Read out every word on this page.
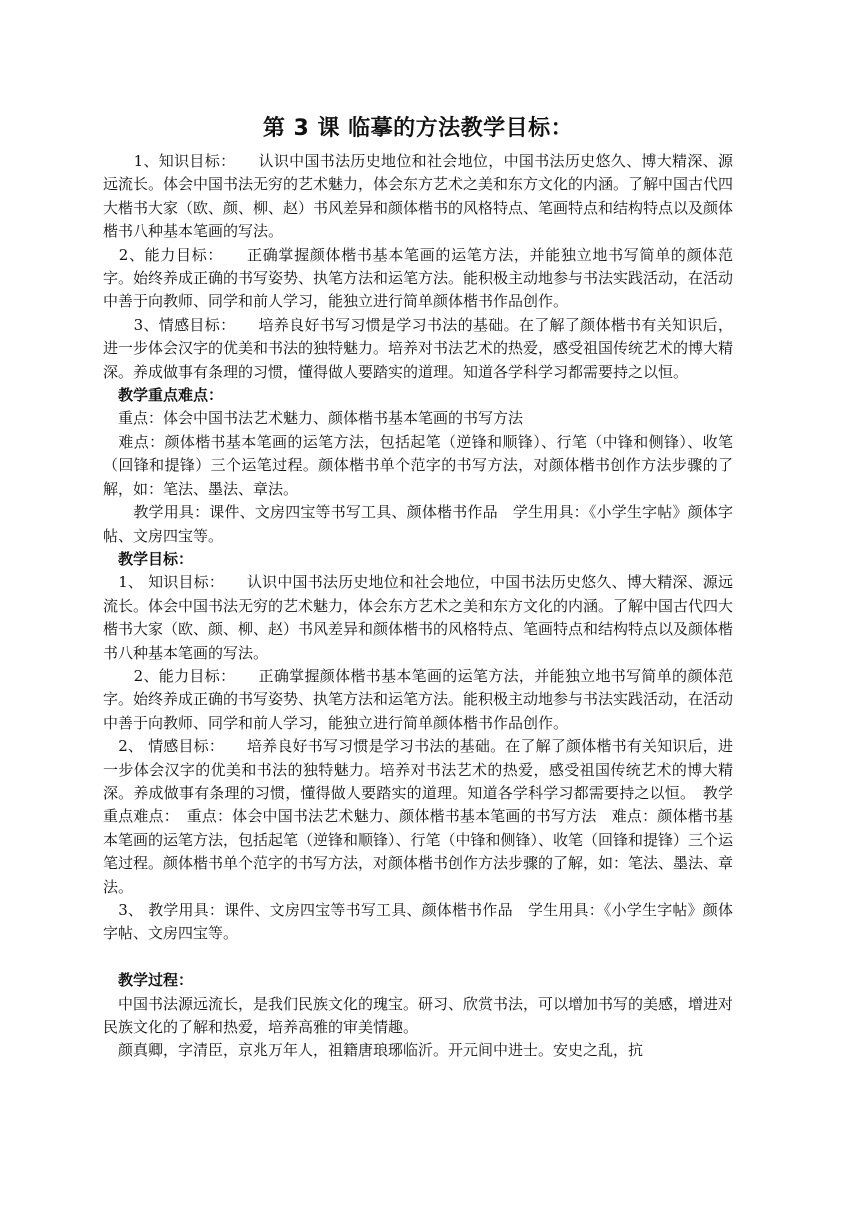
第 3 课 临摹的方法教学目标：

　　1、知识目标：　　认识中国书法历史地位和社会地位，中国书法历史悠久、博大精深、源远流长。体会中国书法无穷的艺术魅力，体会东方艺术之美和东方文化的内涵。了解中国古代四大楷书大家（欧、颜、柳、赵）书风差异和颜体楷书的风格特点、笔画特点和结构特点以及颜体楷书八种基本笔画的写法。

　2、能力目标：　　正确掌握颜体楷书基本笔画的运笔方法，并能独立地书写简单的颜体范字。始终养成正确的书写姿势、执笔方法和运笔方法。能积极主动地参与书法实践活动，在活动中善于向教师、同学和前人学习，能独立进行简单颜体楷书作品创作。

　　3、情感目标：　　培养良好书写习惯是学习书法的基础。在了解了颜体楷书有关知识后，进一步体会汉字的优美和书法的独特魅力。培养对书法艺术的热爱，感受祖国传统艺术的博大精深。养成做事有条理的习惯，懂得做人要踏实的道理。知道各学科学习都需要持之以恒。

　教学重点难点：

　重点：体会中国书法艺术魅力、颜体楷书基本笔画的书写方法

　难点：颜体楷书基本笔画的运笔方法，包括起笔（逆锋和顺锋）、行笔（中锋和侧锋）、收笔（回锋和提锋）三个运笔过程。颜体楷书单个范字的书写方法，对颜体楷书创作方法步骤的了解，如：笔法、墨法、章法。

　　教学用具：课件、文房四宝等书写工具、颜体楷书作品　学生用具：《小学生字帖》颜体字帖、文房四宝等。

　教学目标：

　1、 知识目标：　　认识中国书法历史地位和社会地位，中国书法历史悠久、博大精深、源远流长。体会中国书法无穷的艺术魅力，体会东方艺术之美和东方文化的内涵。了解中国古代四大楷书大家（欧、颜、柳、赵）书风差异和颜体楷书的风格特点、笔画特点和结构特点以及颜体楷书八种基本笔画的写法。

　　2、能力目标：　　正确掌握颜体楷书基本笔画的运笔方法，并能独立地书写简单的颜体范字。始终养成正确的书写姿势、执笔方法和运笔方法。能积极主动地参与书法实践活动，在活动中善于向教师、同学和前人学习，能独立进行简单颜体楷书作品创作。

　2、 情感目标：　　培养良好书写习惯是学习书法的基础。在了解了颜体楷书有关知识后，进一步体会汉字的优美和书法的独特魅力。培养对书法艺术的热爱，感受祖国传统艺术的博大精深。养成做事有条理的习惯，懂得做人要踏实的道理。知道各学科学习都需要持之以恒。　教学重点难点：　重点：体会中国书法艺术魅力、颜体楷书基本笔画的书写方法　难点：颜体楷书基本笔画的运笔方法，包括起笔（逆锋和顺锋）、行笔（中锋和侧锋）、收笔（回锋和提锋）三个运笔过程。颜体楷书单个范字的书写方法，对颜体楷书创作方法步骤的了解，如：笔法、墨法、章法。

　3、 教学用具：课件、文房四宝等书写工具、颜体楷书作品　学生用具：《小学生字帖》颜体字帖、文房四宝等。

　教学过程：

　中国书法源远流长，是我们民族文化的瑰宝。研习、欣赏书法，可以增加书写的美感，增进对民族文化的了解和热爱，培养高雅的审美情趣。

　颜真卿，字清臣，京兆万年人，祖籍唐琅琊临沂。开元间中进士。安史之乱，抗
